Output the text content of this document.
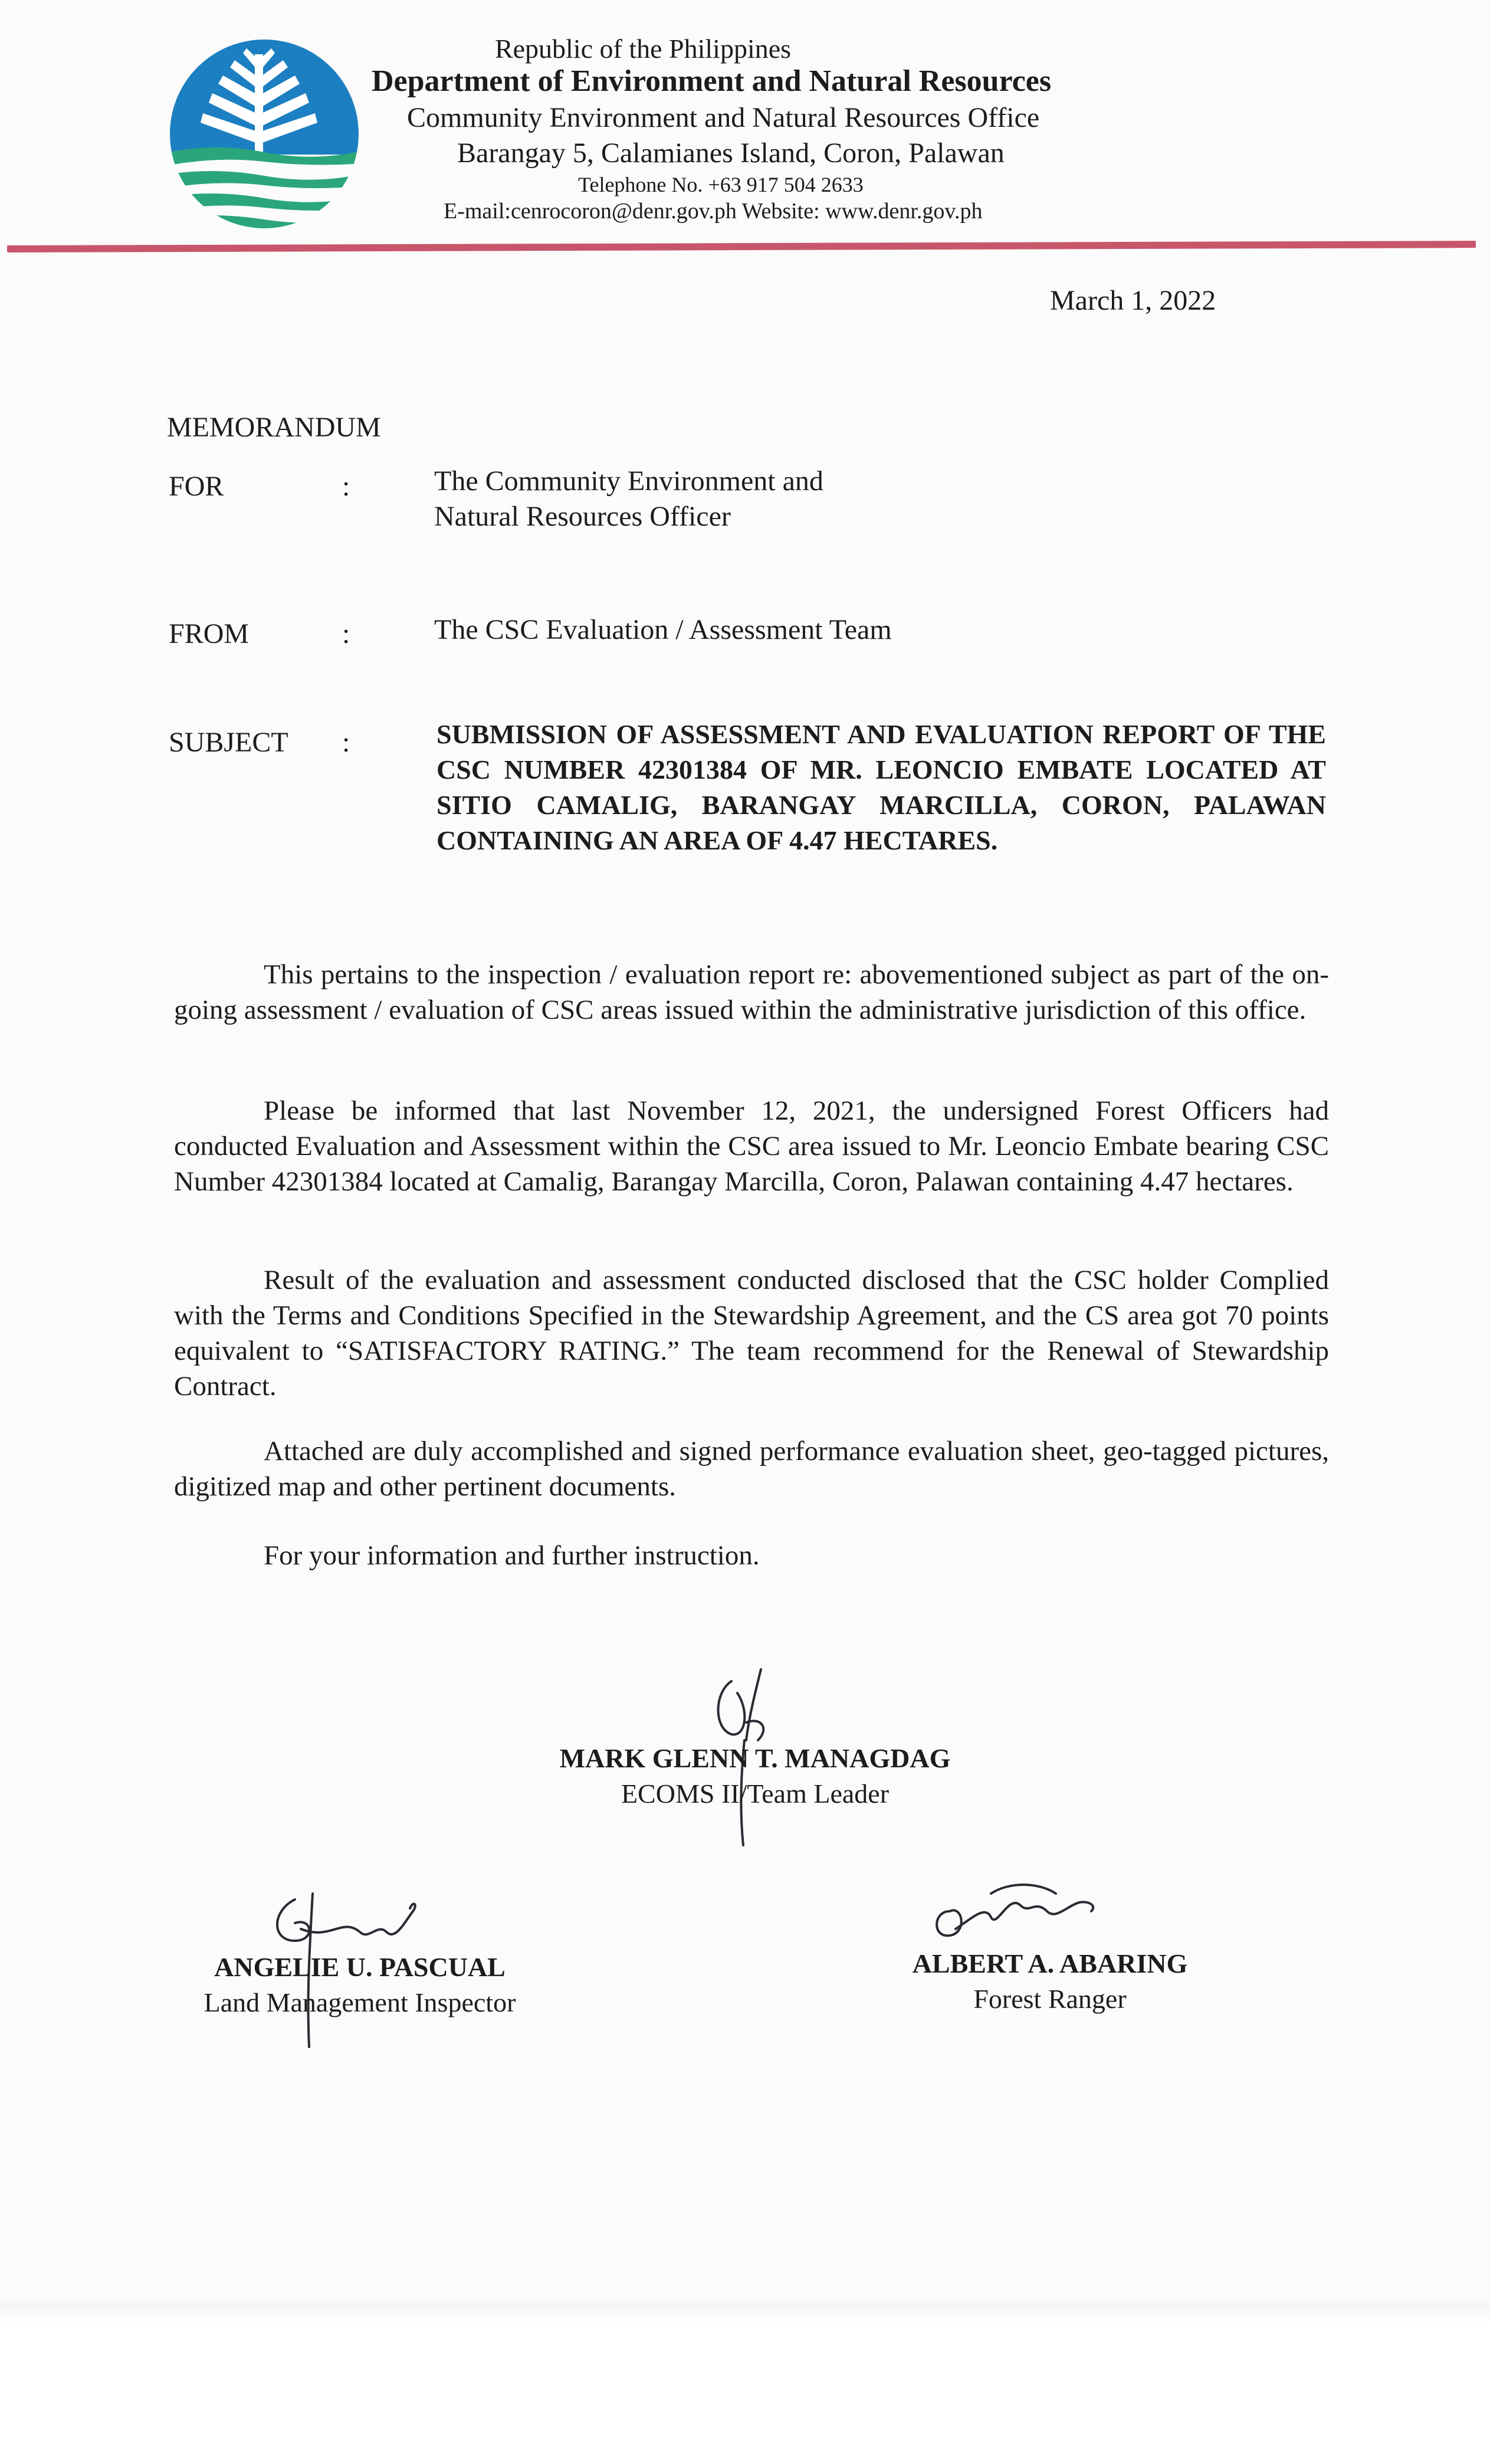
Republic of the Philippines
Department of Environment and Natural Resources
Community Environment and Natural Resources Office
Barangay 5, Calamianes Island, Coron, Palawan
Telephone No. +63 917 504 2633
E-mail:cenrocoron@denr.gov.ph Website: www.denr.gov.ph
March 1, 2022
MEMORANDUM
FOR	:	The Community Environment and
Natural Resources Officer
FROM	:	The CSC Evaluation / Assessment Team
SUBJECT :	SUBMISSION OF ASSESSMENT AND EVALUATION REPORT OF THE CSC NUMBER 42301384 OF MR. LEONCIO EMBATE LOCATED AT SITIO CAMALIG, BARANGAY MARCILLA, CORON, PALAWAN CONTAINING AN AREA OF 4.47 HECTARES.
This pertains to the inspection / evaluation report re: abovementioned subject as part of the on-going assessment / evaluation of CSC areas issued within the administrative jurisdiction of this office.
Please be informed that last November 12, 2021, the undersigned Forest Officers had conducted Evaluation and Assessment within the CSC area issued to Mr. Leoncio Embate bearing CSC Number 42301384 located at Camalig, Barangay Marcilla, Coron, Palawan containing 4.47 hectares.
Result of the evaluation and assessment conducted disclosed that the CSC holder Complied with the Terms and Conditions Specified in the Stewardship Agreement, and the CS area got 70 points equivalent to “SATISFACTORY RATING.” The team recommend for the Renewal of Stewardship Contract.
Attached are duly accomplished and signed performance evaluation sheet, geo-tagged pictures, digitized map and other pertinent documents.
For your information and further instruction.
MARK GLENN T. MANAGDAG
ECOMS II/Team Leader
ANGELIE U. PASCUAL
Land Management Inspector
ALBERT A. ABARING
Forest Ranger
